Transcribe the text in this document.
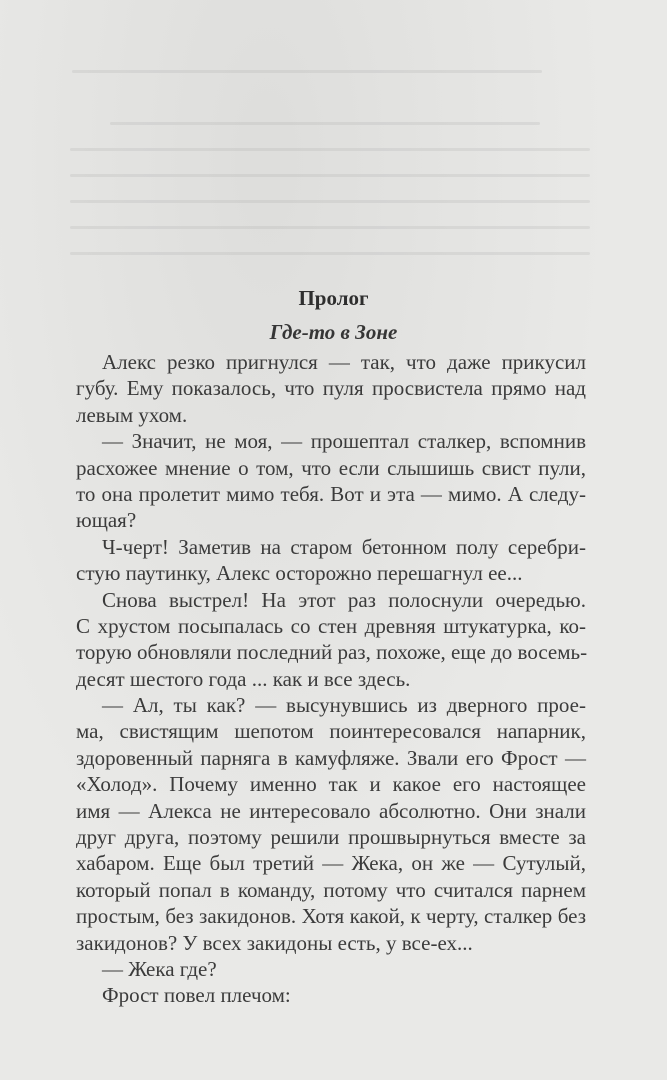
Пролог
Где-то в Зоне
Алекс резко пригнулся — так, что даже прикусил
губу. Ему показалось, что пуля просвистела прямо над
левым ухом.
— Значит, не моя, — прошептал сталкер, вспомнив
расхожее мнение о том, что если слышишь свист пули,
то она пролетит мимо тебя. Вот и эта — мимо. А следу-
ющая?
Ч-черт! Заметив на старом бетонном полу серебри-
стую паутинку, Алекс осторожно перешагнул ее...
Снова выстрел! На этот раз полоснули очередью.
С хрустом посыпалась со стен древняя штукатурка, ко-
торую обновляли последний раз, похоже, еще до восемь-
десят шестого года ... как и все здесь.
— Ал, ты как? — высунувшись из дверного прое-
ма, свистящим шепотом поинтересовался напарник,
здоровенный парняга в камуфляже. Звали его Фрост —
«Холод». Почему именно так и какое его настоящее
имя — Алекса не интересовало абсолютно. Они знали
друг друга, поэтому решили прошвырнуться вместе за
хабаром. Еще был третий — Жека, он же — Сутулый,
который попал в команду, потому что считался парнем
простым, без закидонов. Хотя какой, к черту, сталкер без
закидонов? У всех закидоны есть, у все-ех...
— Жека где?
Фрост повел плечом:
